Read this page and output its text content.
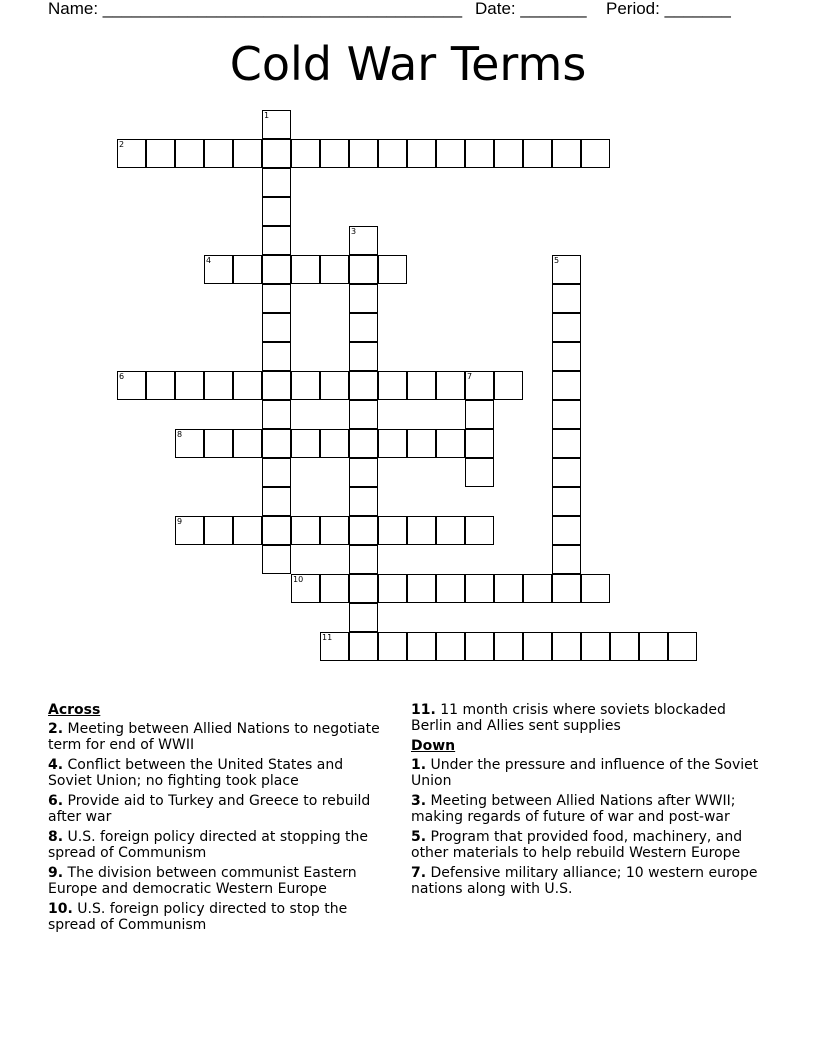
Name: ______________________________________ Date: _______ Period: _______
Cold War Terms
1
2
3
4	5
6	7
8
9
10
11
Across
2. Meeting between Allied Nations to negotiate term for end of WWII
4. Conflict between the United States and Soviet Union; no fighting took place
6. Provide aid to Turkey and Greece to rebuild after war
8. U.S. foreign policy directed at stopping the spread of Communism
9. The division between communist Eastern Europe and democratic Western Europe
10. U.S. foreign policy directed to stop the spread of Communism
11. 11 month crisis where soviets blockaded Berlin and Allies sent supplies
Down
1. Under the pressure and influence of the Soviet Union
3. Meeting between Allied Nations after WWII; making regards of future of war and post-war
5. Program that provided food, machinery, and other materials to help rebuild Western Europe
7. Defensive military alliance; 10 western europe nations along with U.S.
